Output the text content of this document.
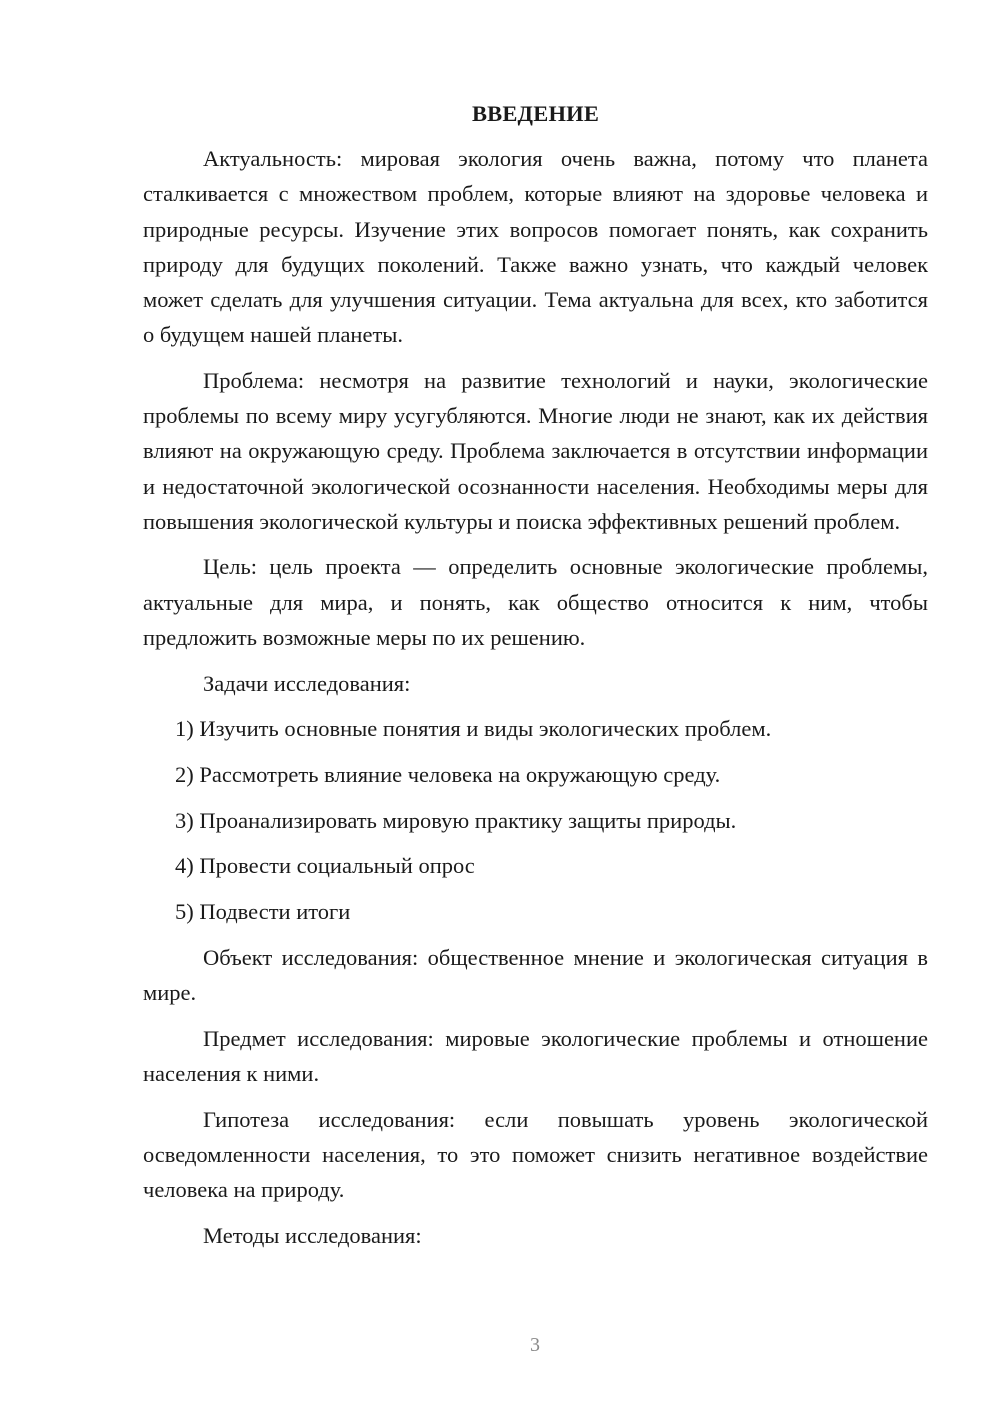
ВВЕДЕНИЕ

Актуальность: мировая экология очень важна, потому что планета сталкивается с множеством проблем, которые влияют на здоровье человека и природные ресурсы. Изучение этих вопросов помогает понять, как сохранить природу для будущих поколений. Также важно узнать, что каждый человек может сделать для улучшения ситуации. Тема актуальна для всех, кто заботится о будущем нашей планеты.

Проблема: несмотря на развитие технологий и науки, экологические проблемы по всему миру усугубляются. Многие люди не знают, как их действия влияют на окружающую среду. Проблема заключается в отсутствии информации и недостаточной экологической осознанности населения. Необходимы меры для повышения экологической культуры и поиска эффективных решений проблем.

Цель: цель проекта — определить основные экологические проблемы, актуальные для мира, и понять, как общество относится к ним, чтобы предложить возможные меры по их решению.

Задачи исследования:

1) Изучить основные понятия и виды экологических проблем.
2) Рассмотреть влияние человека на окружающую среду.
3) Проанализировать мировую практику защиты природы.
4) Провести социальный опрос
5) Подвести итоги

Объект исследования: общественное мнение и экологическая ситуация в мире.

Предмет исследования: мировые экологические проблемы и отношение населения к ними.

Гипотеза исследования: если повышать уровень экологической осведомленности населения, то это поможет снизить негативное воздействие человека на природу.

Методы исследования:

3
